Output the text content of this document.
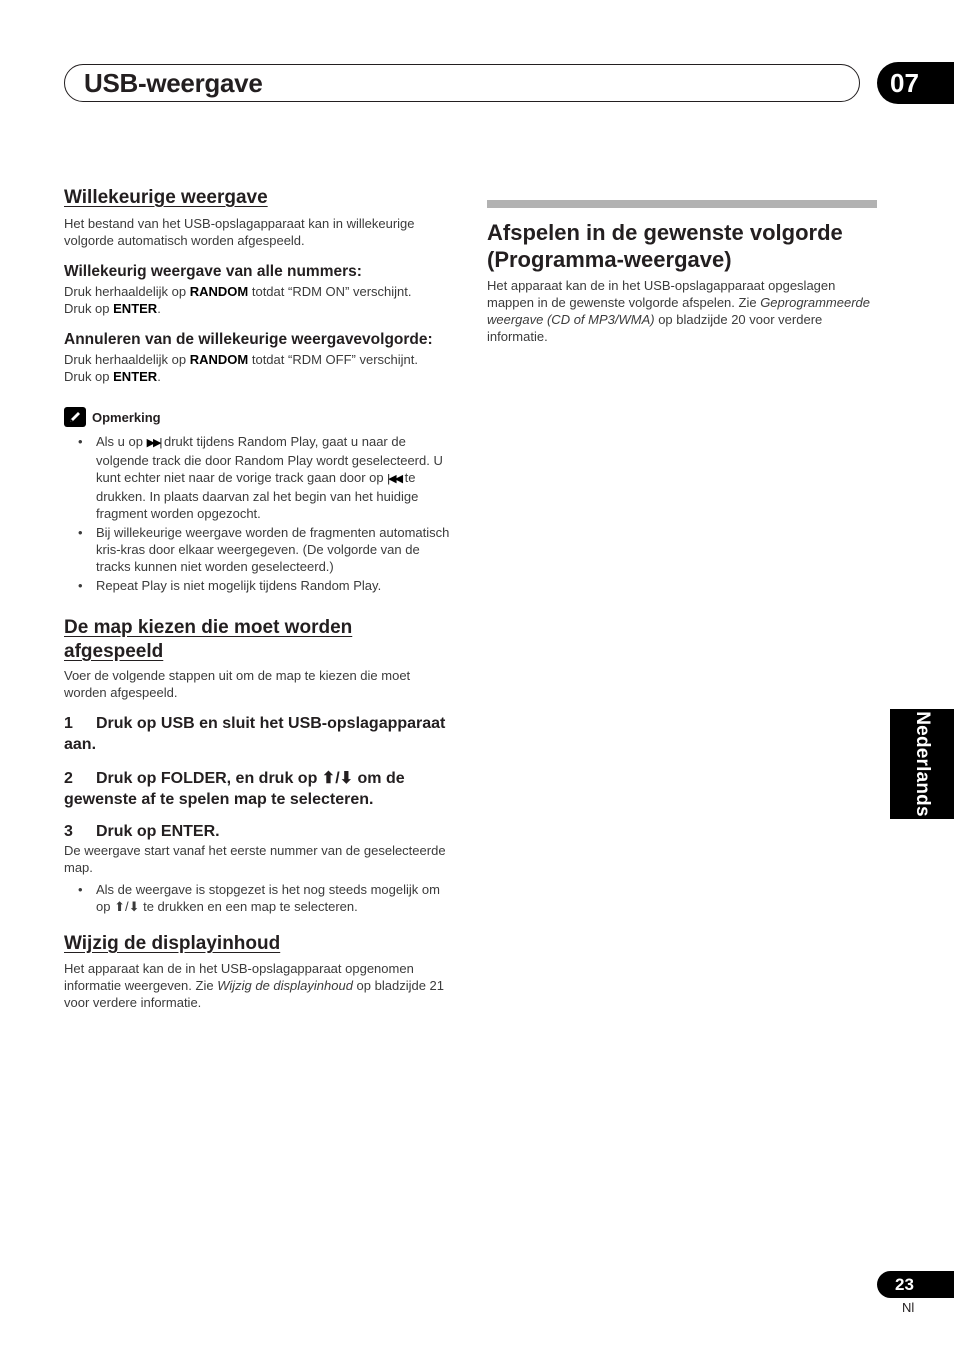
USB-weergave	07
Willekeurige weergave

Het bestand van het USB-opslagapparaat kan in willekeurige volgorde automatisch worden afgespeeld.

Willekeurig weergave van alle nummers:

Druk herhaaldelijk op RANDOM totdat “RDM ON” verschijnt.
Druk op ENTER.

Annuleren van de willekeurige weergavevolgorde:

Druk herhaaldelijk op RANDOM totdat “RDM OFF” verschijnt.
Druk op ENTER.

Opmerking
• Als u op ▶▶| drukt tijdens Random Play, gaat u naar de volgende track die door Random Play wordt geselecteerd. U kunt echter niet naar de vorige track gaan door op |◀◀ te drukken. In plaats daarvan zal het begin van het huidige fragment worden opgezocht.
• Bij willekeurige weergave worden de fragmenten automatisch kris-kras door elkaar weergegeven. (De volgorde van de tracks kunnen niet worden geselecteerd.)
• Repeat Play is niet mogelijk tijdens Random Play.
De map kiezen die moet worden afgespeeld

Voer de volgende stappen uit om de map te kiezen die moet worden afgespeeld.

1 Druk op USB en sluit het USB-opslagapparaat aan.

2 Druk op FOLDER, en druk op ⬆/⬇ om de gewenste af te spelen map te selecteren.

3 Druk op ENTER.

De weergave start vanaf het eerste nummer van de geselecteerde map.

• Als de weergave is stopgezet is het nog steeds mogelijk om op ⬆/⬇ te drukken en een map te selecteren.
Wijzig de displayinhoud

Het apparaat kan de in het USB-opslagapparaat opgenomen informatie weergeven. Zie Wijzig de displayinhoud op bladzijde 21 voor verdere informatie.

Afspelen in de gewenste volgorde (Programma-weergave)

Het apparaat kan de in het USB-opslagapparaat opgeslagen mappen in de gewenste volgorde afspelen. Zie Geprogrammeerde weergave (CD of MP3/WMA) op bladzijde 20 voor verdere informatie.

Nederlands
23
Nl
